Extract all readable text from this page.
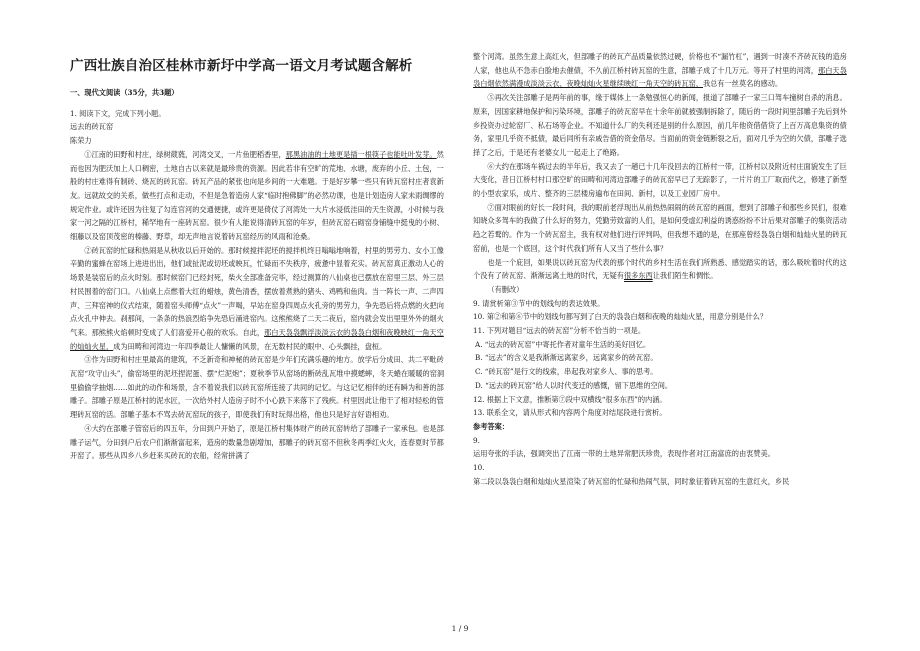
广西壮族自治区桂林市新圩中学高一语文月考试题含解析
一、现代文阅读（35分，共3题）

1. 阅读下文，完成下列小题。

远去的砖瓦窑

陈荣力

①江南的田野和村庄，绿树葳蕤，河湾交叉，一片鱼肥稻香里，那黑油油的土地更是插一根筷子也能吐叶发芽。然而也因为肥沃加上人口稠密，土地自古以来就是最珍贵的资源。因此若非有空旷的荒地、水塘，废弃的小丘、土包，一般的村庄难得有制砖、烧瓦的砖瓦窑。砖瓦产品的紧张也向是乡间的一大难题。于是好岁攀一些只有砖瓦窑村庄者袁新友。远就故交的关系，做些打点和走动，不但是急着造房人家“临时抱佛脚”的必然功课，也是计划造房人家未雨绸缪的规定作业。或许还因为往复了勾连官河的交通便捷，或许更是倚仗了河湾处一大片水浸低洼田的天生资源，小时候与我家一河之隔的江桥村，稀罕地有一座砖瓦窑。很少有人能说得清砖瓦窑的年岁，但砖瓦窑石砌窑身铺缝中挺曳的小树、细藤以及窑顶茂密的榛藤、野草，却无声地言说着砖瓦窑经历的风雨和沧桑。

②砖瓦窑的忙碌和热闹是从秋收以后开始的。那时候搅拌泥坯的搅拌机终日嗡嗡地响着，村里的男劳力、女小工像辛勤的蜜蜂在窑场上进进出出，他们或扯泥或切坯或映瓦，忙碌而不失秩序，疲惫中显着充实。砖瓦窑真正激动人心的场景是装窑后的点火时刻。那时候窑门已经封死，柴火全部准备完毕，经过测算的八仙桌也已摆放在窑里三层、外三层村民围着的窑门口。八仙桌上点燃着大红的蜡烛，黄色清香，摆放着煮熟的猪头、鸡鸭和鱼肉。当一阵长一声、二声四声、三拜窑神的仪式结束，随着窑头师傅“点火”一声喝，早站在窑身四周点火孔旁的男劳力，争先恐后将点燃的火把向点火孔中伸去。刹那间，一条条的热浪烈焰争先恐后涌进窑内。这熊熊烧了二天二夜后，窑内就会发出里里外外的烟火气来。那熊熊火焰顿时变成了人们喜爱开心般的欢乐。自此，那白天袅袅飘浮淡淡云衣的袅袅白烟和夜晚映红一角天空的灿灿火星，成为田畴和河湾边一年四季最让人慵懒的风景，在无数村民的眼中、心头飘挂，盘桓。

③作为田野和村庄里最高的建筑，不乏新奇和神秘的砖瓦窑是少年们充满乐趣的地方。放学后分成田、共二平毗砖瓦窑“攻守山头”，偷窑场里的泥坯捏泥蛋、摆“烂泥炮”；夏秋季节从窑场的断砖乱瓦堆中摸蟋蟀，冬天蜷在暖暖的窑洞里偷偷学抽烟……如此的动作和场景，含不着说我们以砖瓦窑所连接了共同的记忆。与这记忆相伴的还有瞬为和善的部雕子。部雕子原是江桥村的泥水匠，一次给外村人造房子时不小心跌下来落下了残疾。村里因此让他干了相对轻松的管理砖瓦窑的活。部雕子基本不骂去砖瓦窑玩的孩子，即使我们有时玩得出格，他也只是好言好语相劝。

④大约在部雕子管窑后的四五年，分田到户开始了，原是江桥村集体财产的砖瓦窑转给了部雕子一家承包。也是部雕子运气，分田到户后农户们渐渐富起来，造房的数量急剧增加，那雕子的砖瓦窑不但秋冬两季红火火，连春夏时节都开窑了。那些从四乡八乡赶来买砖瓦的农船，经常拼满了

整个河湾。虽然生意上高红火，但部雕子的砖瓦产品质量依然过硬，价格也不“漏竹杠”，遇到一时凑不齐砖瓦钱的造房人家，他也从不急赤白脸地去催债，不久前江桥村砖瓦窑的生意，部雕子成了十几万元。等开了村里的河湾，那白天袅袅白烟依然满漫成淡淡云衣、夜晚灿灿火星继续映红一角天空的砖瓦窑，我总有一丝莫名的感动。

⑤再次关注部雕子是两年前的事，缘于媒体上一条勉强恒心的新闻，报道了部雕子一家三口驾车撞树自杀的消息。原来，因国家耕地保护和污染环境，部雕子的砖瓦窑早在十余年前就被强制拆除了，随后的一段时间里部雕子先后到外乡投资办过轮窑厂、私石场等企业。不知道什么厂的失利还是别的什么原因，前几年他资借借贷了上百万高息集资的债务，家里几乎资不抵债，最后同所有亲戚告借的资金借尽。当面前的资金链断裂之后，面对几乎为空的欠债，部雕子选择了之后，于是还有老婆女儿一起走上了绝路。

⑥大约在那场车祸过去的半年后，我又去了一趟已十几年没回去的江桥村一带，江桥村以及附近村庄面貌发生了巨大变化，昔日江桥村村口那空旷的田畴和河湾边部雕子的砖瓦窑早已了无踪影了，一片片的工厂取而代之，修建了新型的小型农家乐，成片、整齐的三层楼房遍布在田间、新村，以及工业园厂房中。

⑦面对眼前的好长一段时间，我的眼前老浮现出从前热热闹闹的砖瓦窑的画面，想到了部雕子和那些乡民们，很难知晓众多驾车的我做了什么好的努力，凭勤劳致富的人们，是如何受虚幻利益的诱惑纷纷不计后果对部雕子的集资活动趋之若鹜的。作为一个砖瓦窑主，我有权对他们进行评判吗，但我想不通的是，在那座曾经袅袅白烟和灿灿火星的砖瓦窑前，也是一个底回，这个时代我们所有人又当了些什么事？

也是一个庇回，如果说以砖瓦窑为代表的那个时代的乡村生活在我们所熟悉、感觉踏实的话，那么吸吮着时代的这个没有了砖瓦窑、渐渐远离土地的时代，无疑有很多东西让我们陌生和惆怅。

（有删改）

9. 请赏析第③节中的划线句的表达效果。

10. 第②和第⑥节中的划线句都写到了白天的袅袅白烟和夜晚的灿灿火星，用意分别是什么？

11. 下列对题目“远去的砖瓦窑”分析不恰当的一项是。

A. “远去的砖瓦窑”中寄托作者对童年生活的美好回忆。

B. “远去”的含义是我渐渐远离家乡，远离家乡的砖瓦窑。

C. “砖瓦窑”是行文的线索，串起我对家乡人、事的思考。

D. “远去的砖瓦窑”给人以时代变迁的感慨，留下思维的空间。

12. 根据上下文意，推断第⑦段中双横线“很多东西”的内涵。

13. 联系全文，请从形式和内容两个角度对结尾段进行赏析。

参考答案：

9.

运用夸张的手法，强调突出了江南一带的土地异常肥沃珍贵，表现作者对江南富庶的由衷赞美。

10.

第二段以袅袅白烟和灿灿火星渲染了砖瓦窑的忙碌和热闹气氛，同时象征着砖瓦窑的生意红火，乡民

1 / 9
